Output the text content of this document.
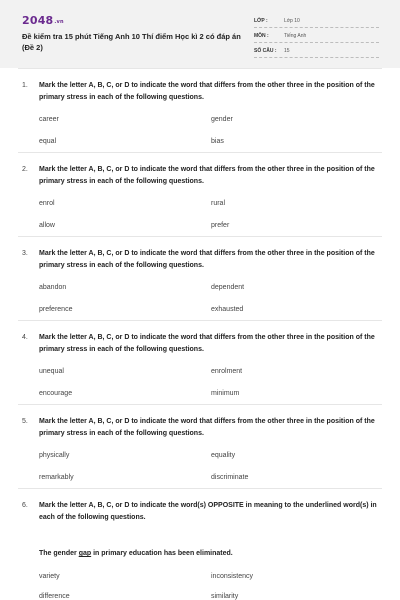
$2048^{.vn}$
Đề kiểm tra 15 phút Tiếng Anh 10 Thí điểm Học kì 2 có đáp án (Đề 2)
LỚP :	Lớp 10
MÔN :	Tiếng Anh
SỐ CÂU : 15
1. Mark the letter A, B, C, or D to indicate the word that differs from the other three in the position of the primary stress in each of the following questions.
career	gender
equal	bias
2. Mark the letter A, B, C, or D to indicate the word that differs from the other three in the position of the primary stress in each of the following questions.
enrol	rural
allow	prefer
3. Mark the letter A, B, C, or D to indicate the word that differs from the other three in the position of the primary stress in each of the following questions.
abandon	dependent
preference	exhausted
4. Mark the letter A, B, C, or D to indicate the word that differs from the other three in the position of the primary stress in each of the following questions.
unequal	enrolment
encourage	minimum
5. Mark the letter A, B, C, or D to indicate the word that differs from the other three in the position of the primary stress in each of the following questions.
physically	equality
remarkably	discriminate
6. Mark the letter A, B, C, or D to indicate the word(s) OPPOSITE in meaning to the underlined word(s) in each of the following questions.
The gender gap in primary education has been eliminated.
variety	inconsistency
difference	similarity
